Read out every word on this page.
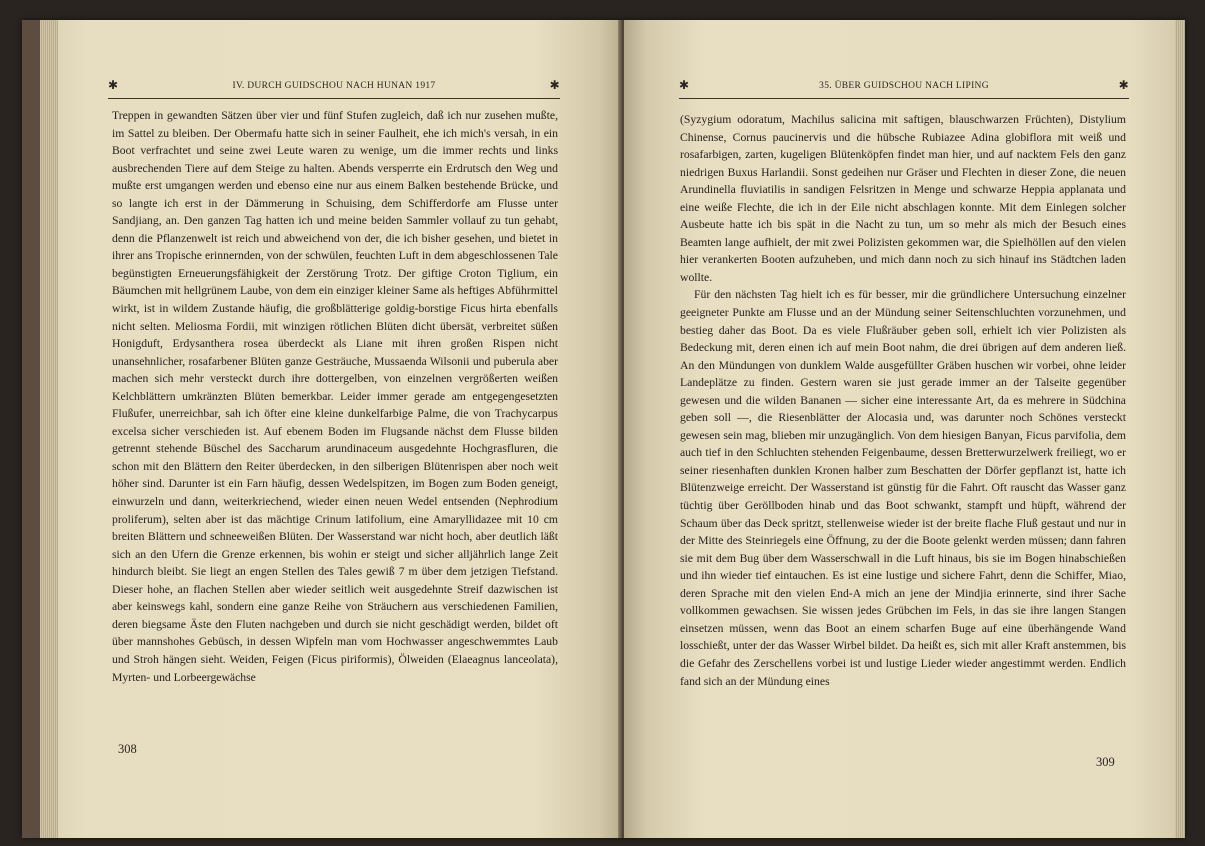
✱	IV. DURCH GUIDSCHOU NACH HUNAN 1917	✱

Treppen in gewandten Sätzen über vier und fünf Stufen zugleich, daß ich nur zusehen mußte, im Sattel zu bleiben. Der Obermafu hatte sich in seiner Faulheit, ehe ich mich's versah, in ein Boot verfrachtet und seine zwei Leute waren zu wenige, um die immer rechts und links ausbrechenden Tiere auf dem Steige zu halten. Abends versperrte ein Erdrutsch den Weg und mußte erst umgangen werden und ebenso eine nur aus einem Balken bestehende Brücke, und so langte ich erst in der Dämmerung in Schuising, dem Schifferdorfe am Flusse unter Sandjiang, an. Den ganzen Tag hatten ich und meine beiden Sammler vollauf zu tun gehabt, denn die Pflanzenwelt ist reich und abweichend von der, die ich bisher gesehen, und bietet in ihrer ans Tropische erinnernden, von der schwülen, feuchten Luft in dem abgeschlossenen Tale begünstigten Erneuerungsfähigkeit der Zerstörung Trotz. Der giftige Croton Tiglium, ein Bäumchen mit hellgrünem Laube, von dem ein einziger kleiner Same als heftiges Abführmittel wirkt, ist in wildem Zustande häufig, die großblätterige goldig-borstige Ficus hirta ebenfalls nicht selten. Meliosma Fordii, mit winzigen rötlichen Blüten dicht übersät, verbreitet süßen Honigduft, Erdysanthera rosea überdeckt als Liane mit ihren großen Rispen nicht unansehnlicher, rosafarbener Blüten ganze Gesträuche, Mussaenda Wilsonii und puberula aber machen sich mehr versteckt durch ihre dottergelben, von einzelnen vergrößerten weißen Kelchblättern umkränzten Blüten bemerkbar. Leider immer gerade am entgegengesetzten Flußufer, unerreichbar, sah ich öfter eine kleine dunkelfarbige Palme, die von Trachycarpus excelsa sicher verschieden ist. Auf ebenem Boden im Flugsande nächst dem Flusse bilden getrennt stehende Büschel des Saccharum arundinaceum ausgedehnte Hochgrasfluren, die schon mit den Blättern den Reiter überdecken, in den silberigen Blütenrispen aber noch weit höher sind. Darunter ist ein Farn häufig, dessen Wedelspitzen, im Bogen zum Boden geneigt, einwurzeln und dann, weiterkriechend, wieder einen neuen Wedel entsenden (Nephrodium proliferum), selten aber ist das mächtige Crinum latifolium, eine Amaryllidazee mit 10 cm breiten Blättern und schneeweißen Blüten. Der Wasserstand war nicht hoch, aber deutlich läßt sich an den Ufern die Grenze erkennen, bis wohin er steigt und sicher alljährlich lange Zeit hindurch bleibt. Sie liegt an engen Stellen des Tales gewiß 7 m über dem jetzigen Tiefstand. Dieser hohe, an flachen Stellen aber wieder seitlich weit ausgedehnte Streif dazwischen ist aber keinswegs kahl, sondern eine ganze Reihe von Sträuchern aus verschiedenen Familien, deren biegsame Äste den Fluten nachgeben und durch sie nicht geschädigt werden, bildet oft über mannshohes Gebüsch, in dessen Wipfeln man vom Hochwasser angeschwemmtes Laub und Stroh hängen sieht. Weiden, Feigen (Ficus piriformis), Ölweiden (Elaeagnus lanceolata), Myrten- und Lorbeergewächse

308
✱	35. ÜBER GUIDSCHOU NACH LIPING	✱

(Syzygium odoratum, Machilus salicina mit saftigen, blauschwarzen Früchten), Distylium Chinense, Cornus paucinervis und die hübsche Rubiazee Adina globiflora mit weiß und rosafarbigen, zarten, kugeligen Blütenköpfen findet man hier, und auf nacktem Fels den ganz niedrigen Buxus Harlandii. Sonst gedeihen nur Gräser und Flechten in dieser Zone, die neuen Arundinella fluviatilis in sandigen Felsritzen in Menge und schwarze Heppia applanata und eine weiße Flechte, die ich in der Eile nicht abschlagen konnte. Mit dem Einlegen solcher Ausbeute hatte ich bis spät in die Nacht zu tun, um so mehr als mich der Besuch eines Beamten lange aufhielt, der mit zwei Polizisten gekommen war, die Spielhöllen auf den vielen hier verankerten Booten aufzuheben, und mich dann noch zu sich hinauf ins Städtchen laden wollte.

Für den nächsten Tag hielt ich es für besser, mir die gründlichere Untersuchung einzelner geeigneter Punkte am Flusse und an der Mündung seiner Seitenschluchten vorzunehmen, und bestieg daher das Boot. Da es viele Flußräuber geben soll, erhielt ich vier Polizisten als Bedeckung mit, deren einen ich auf mein Boot nahm, die drei übrigen auf dem anderen ließ. An den Mündungen von dunklem Walde ausgefüllter Gräben huschen wir vorbei, ohne leider Landeplätze zu finden. Gestern waren sie just gerade immer an der Talseite gegenüber gewesen und die wilden Bananen — sicher eine interessante Art, da es mehrere in Südchina geben soll —, die Riesenblätter der Alocasia und, was darunter noch Schönes versteckt gewesen sein mag, blieben mir unzugänglich. Von dem hiesigen Banyan, Ficus parvifolia, dem auch tief in den Schluchten stehenden Feigenbaume, dessen Bretterwurzelwerk freiliegt, wo er seiner riesenhaften dunklen Kronen halber zum Beschatten der Dörfer gepflanzt ist, hatte ich Blütenzweige erreicht. Der Wasserstand ist günstig für die Fahrt. Oft rauscht das Wasser ganz tüchtig über Geröllboden hinab und das Boot schwankt, stampft und hüpft, während der Schaum über das Deck spritzt, stellenweise wieder ist der breite flache Fluß gestaut und nur in der Mitte des Steinriegels eine Öffnung, zu der die Boote gelenkt werden müssen; dann fahren sie mit dem Bug über dem Wasserschwall in die Luft hinaus, bis sie im Bogen hinabschießen und ihn wieder tief eintauchen. Es ist eine lustige und sichere Fahrt, denn die Schiffer, Miao, deren Sprache mit den vielen End-A mich an jene der Mindjia erinnerte, sind ihrer Sache vollkommen gewachsen. Sie wissen jedes Grübchen im Fels, in das sie ihre langen Stangen einsetzen müssen, wenn das Boot an einem scharfen Buge auf eine überhängende Wand losschießt, unter der das Wasser Wirbel bildet. Da heißt es, sich mit aller Kraft anstemmen, bis die Gefahr des Zerschellens vorbei ist und lustige Lieder wieder angestimmt werden. Endlich fand sich an der Mündung eines

309
